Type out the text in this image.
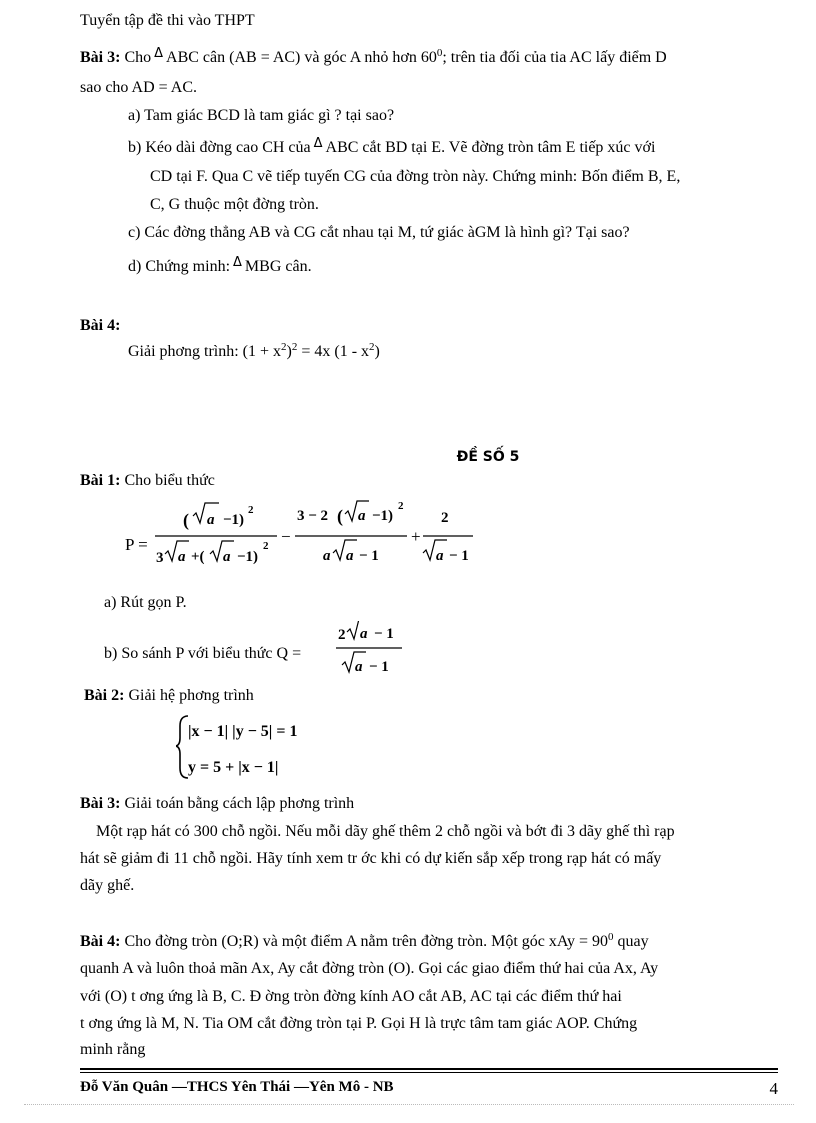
Tuyển tập đề thi vào THPT
Bài 3: Cho $^\Delta$ ABC cân (AB = AC) và góc A nhỏ hơn $60^0$; trên tia đối của tia AC lấy điểm D
sao cho AD = AC.
a) Tam giác BCD là tam giác gì ? tại sao?
b) Kéo dài đờng cao CH của $^\Delta$ ABC cắt BD tại E. Vẽ đờng tròn tâm E tiếp xúc với
CD tại F. Qua C vẽ tiếp tuyến CG của đờng tròn này. Chứng minh: Bốn điểm B, E,
C, G thuộc một đờng tròn.
c) Các đờng thẳng AB và CG cắt nhau tại M, tứ giác àGM là hình gì? Tại sao?
d) Chứng minh: $^\Delta$ MBG cân.
Bài 4:
Giải phơng trình: $(1 + x^2)^2 = 4x$ $(1 - x^2)$
ĐỀ SỐ 5
Bài 1: Cho biểu thức
P =
( a −1)
2
3 a +( a −1)
2 −
3 − 2 ( a −1)
2
a a − 1
+
2
a − 1
a) Rút gọn P.
b) So sánh P với biểu thức Q =
2 a − 1
a − 1
Bài 2: Giải hệ phơng trình
|x − 1| |y − 5| = 1
y = 5 + |x − 1|
Bài 3: Giải toán bằng cách lập phơng trình
Một rạp hát có 300 chỗ ngồi. Nếu mỗi dãy ghế thêm 2 chỗ ngồi và bớt đi 3 dãy ghế thì rạp
hát sẽ giảm đi 11 chỗ ngồi. Hãy tính xem tr ớc khi có dự kiến sắp xếp trong rạp hát có mấy
dãy ghế.
Bài 4: Cho đờng tròn (O;R) và một điểm A nằm trên đờng tròn. Một góc xAy = $90^0$ quay
quanh A và luôn thoả mãn Ax, Ay cắt đờng tròn (O). Gọi các giao điểm thứ hai của Ax, Ay
với (O) t ơng ứng là B, C. Đ ờng tròn đờng kính AO cắt AB, AC tại các điểm thứ hai
t ơng ứng là M, N. Tia OM cắt đờng tròn tại P. Gọi H là trực tâm tam giác AOP. Chứng
minh rằng
Đỗ Văn Quân —THCS Yên Thái —Yên Mô - NB	4
